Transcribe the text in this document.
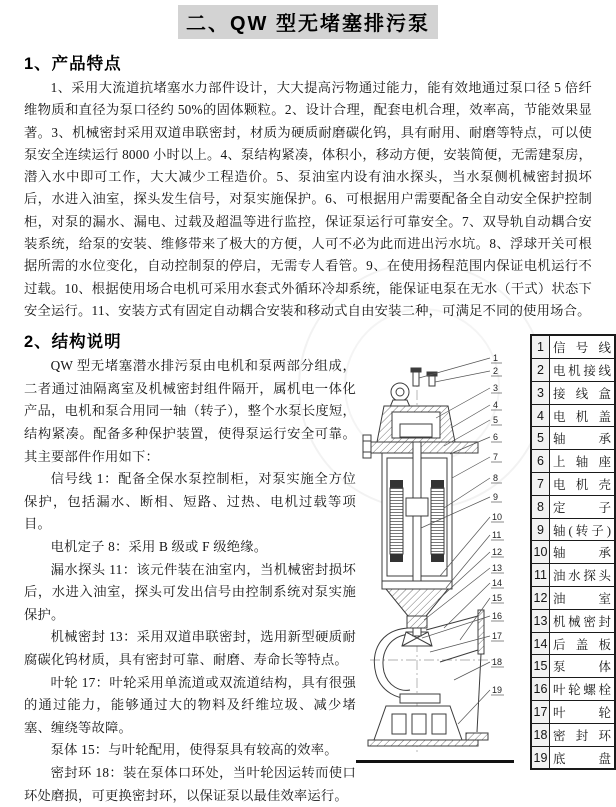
二、QW 型无堵塞排污泵
1、产品特点

1、采用大流道抗堵塞水力部件设计，大大提高污物通过能力，能有效地通过泵口径 5 倍纤维物质和直径为泵口径约 50%的固体颗粒。2、设计合理，配套电机合理，效率高，节能效果显著。3、机械密封采用双道串联密封，材质为硬质耐磨碳化钨，具有耐用、耐磨等特点，可以使泵安全连续运行 8000 小时以上。4、泵结构紧凑，体积小，移动方便，安装简便，无需建泵房，潜入水中即可工作，大大减少工程造价。5、泵油室内设有油水探头，当水泵侧机械密封损坏后，水进入油室，探头发生信号，对泵实施保护。6、可根据用户需要配备全自动安全保护控制柜，对泵的漏水、漏电、过载及超温等进行监控，保证泵运行可靠安全。7、双导轨自动耦合安装系统，给泵的安装、维修带来了极大的方便，人可不必为此而进出污水坑。8、浮球开关可根据所需的水位变化，自动控制泵的停启，无需专人看管。9、在使用扬程范围内保证电机运行不过载。10、根据使用场合电机可采用水套式外循环冷却系统，能保证电泵在无水（干式）状态下安全运行。11、安装方式有固定自动耦合安装和移动式自由安装二种，可满足不同的使用场合。

2、结构说明

QW 型无堵塞潜水排污泵由电机和泵两部分组成，二者通过油隔离室及机械密封组件隔开，属机电一体化产品，电机和泵合用同一轴（转子），整个水泵长度短，结构紧凑。配备多种保护装置，使得泵运行安全可靠。其主要部件作用如下：

信号线 1：配备全保水泵控制柜，对泵实施全方位保护，包括漏水、断相、短路、过热、电机过载等项目。

电机定子 8：采用 B 级或 F 级绝缘。

漏水探头 11：该元件装在油室内，当机械密封损坏后，水进入油室，探头可发出信号由控制系统对泵实施保护。

机械密封 13：采用双道串联密封，选用新型硬质耐腐碳化钨材质，具有密封可靠、耐磨、寿命长等特点。

叶轮 17：叶轮采用单流道或双流道结构，具有很强的通过能力，能够通过大的物料及纤维垃圾、减少堵塞、缠绕等故障。

泵体 15：与叶轮配用，使得泵具有较高的效率。

密封环 18：装在泵体口环处，当叶轮因运转而使口环处磨损，可更换密封环，以保证泵以最佳效率运行。

1
2
3
4
5
6
7
8
9
10
11
12
13
14
15
16
17
18
19
1	信号线
2	电机接线
3	接线盒
4	电机盖
5	轴承
6	上轴座
7	电机壳
8	定子
9	轴(转子)
10	轴承
11	油水探头
12	油室
13	机械密封
14	后盖板
15	泵体
16	叶轮螺栓
17	叶轮
18	密封环
19	底盘
